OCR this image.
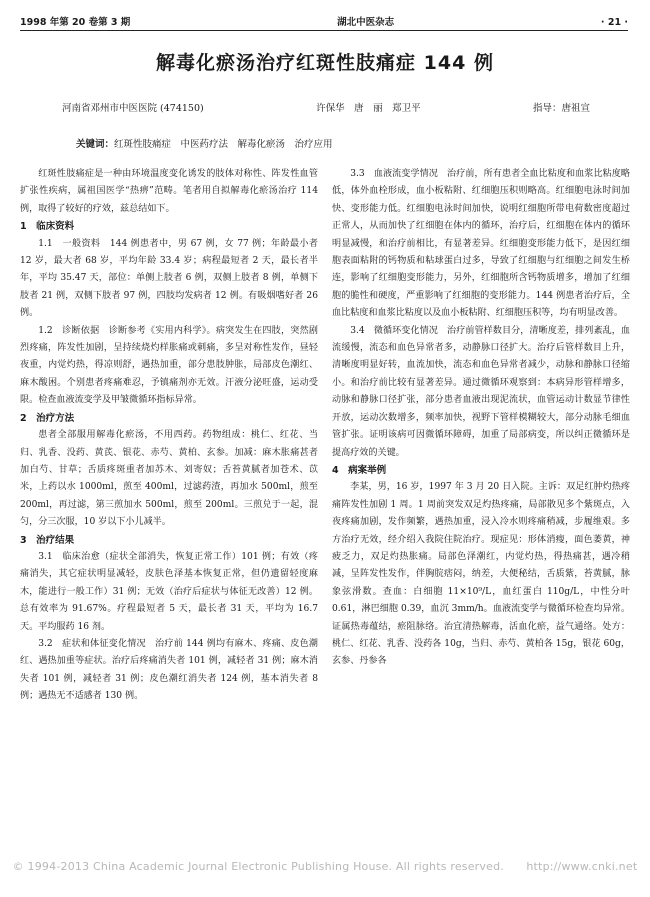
1998 年第 20 卷第 3 期	湖北中医杂志	· 21 ·
解毒化瘀汤治疗红斑性肢痛症 144 例
河南省邓州市中医医院 (474150)	许保华　唐　丽　郑卫平	指导：唐祖宣
关键词：红斑性肢痛症　中医药疗法　解毒化瘀汤　治疗应用

红斑性肢痛症是一种由环境温度变化诱发的肢体对称性、阵发性血管扩张性疾病，属祖国医学“热痹”范畴。笔者用自拟解毒化瘀汤治疗 114 例，取得了较好的疗效，兹总结如下。

1　临床资料

1.1　一般资料　144 例患者中，男 67 例，女 77 例；年龄最小者 12 岁，最大者 68 岁，平均年龄 33.4 岁；病程最短者 2 天，最长者半年，平均 35.47 天，部位：单侧上肢者 6 例，双侧上肢者 8 例，单侧下肢者 21 例，双侧下肢者 97 例，四肢均发病者 12 例。有吸烟嗜好者 26 例。

1.2　诊断依据　诊断参考《实用内科学》。病突发生在四肢，突然剧烈疼痛，阵发性加剧，呈持续烧灼样胀痛或刺痛，多呈对称性发作，昼轻夜重，内觉灼热，得凉则舒，遇热加重，部分患肢肿胀，局部皮色潮红、麻木酸困。个别患者疼痛难忍，予镇痛剂亦无效。汗液分泌旺盛，运动受限。检查血液流变学及甲皱微循环指标异常。

2　治疗方法

患者全部服用解毒化瘀汤，不用西药。药物组成：桃仁、红花、当归、乳香、没药、黄芪、银花、赤芍、黄柏、玄参。加减：麻木胀痛甚者加白芍、甘草；舌质疼斑重者加苏木、刘寄奴；舌苔黄腻者加苍术、苡米，上药以水 1000ml，煎至 400ml，过滤药渣，再加水 500ml，煎至 200ml，再过滤，第三煎加水 500ml，煎至 200ml。三煎兑于一起，混匀，分三次服，10 岁以下小儿减半。

3　治疗结果

3.1　临床治愈（症状全部消失，恢复正常工作）101 例；有效（疼痛消失，其它症状明显减轻，皮肤色泽基本恢复正常，但仍遗留轻度麻木，能进行一般工作）31 例；无效（治疗后症状与体征无改善）12 例。总有效率为 91.67%。疗程最短者 5 天，最长者 31 天，平均为 16.7 天。平均服药 16 剂。

3.2　症状和体征变化情况　治疗前 144 例均有麻木、疼痛、皮色潮红、遇热加重等症状。治疗后疼痛消失者 101 例，减轻者 31 例；麻木消失者 101 例，减轻者 31 例；皮色潮红消失者 124 例，基本消失者 8 例；遇热无不适感者 130 例。

3.3　血液流变学情况　治疗前，所有患者全血比粘度和血浆比粘度略低，体外血栓形成，血小板粘附、红细胞压积则略高。红细胞电泳时间加快、变形能力低。红细胞电泳时间加快，说明红细胞所带电荷数密度超过正常人，从而加快了红细胞在体内的循环，治疗后，红细胞在体内的循环明显减慢，和治疗前相比，有显著差异。红细胞变形能力低下，是因红细胞表面粘附的钙物质和粘球蛋白过多，导致了红细胞与红细胞之间发生桥连，影响了红细胞变形能力，另外，红细胞所含钙物质增多，增加了红细胞的脆性和硬度，严重影响了红细胞的变形能力。144 例患者治疗后，全血比粘度和血浆比粘度以及血小板粘附、红细胞压积等，均有明显改善。

3.4　微循环变化情况　治疗前管样数目分，清晰度差，排列紊乱，血流缓慢，流态和血色异常者多，动静脉口径扩大。治疗后管样数目上升，清晰度明显好转，血流加快，流态和血色异常者减少，动脉和静脉口径缩小。和治疗前比较有显著差异。通过微循环观察到：本病异形管样增多，动脉和静脉口径扩张，部分患者血液出现泥流状，血管运动计数显节律性开放，运动次数增多，频率加快，视野下管样模糊较大，部分动脉毛细血管扩张。证明该病可因微循环障碍，加重了局部病变，所以纠正微循环是提高疗效的关键。

4　病案举例

李某，男，16 岁，1997 年 3 月 20 日入院。主诉：双足红肿灼热疼痛阵发性加剧 1 周。1 周前突发双足灼热疼痛，局部散见多个紫斑点，入夜疼痛加剧，发作频繁，遇热加重，浸入冷水则疼痛稍减，步履维艰。多方治疗无效，经介绍入我院住院治疗。现症见：形体消瘦，面色萎黄，神疲乏力，双足灼热胀痛。局部色泽潮红，内觉灼热，得热痛甚，遇冷稍减，呈阵发性发作，伴胸脘痞闷，纳差，大便秘结，舌质紫，苔黄腻，脉象弦滑数。查血：白细胞 11×10⁹/L，血红蛋白 110g/L，中性分叶 0.61，淋巴细胞 0.39，血沉 3mm/h。血液流变学与微循环检查均异常。证属热毒蕴结，瘀阻脉络。治宜清热解毒，活血化瘀，益气通络。处方：桃仁、红花、乳香、没药各 10g，当归、赤芍、黄柏各 15g，银花 60g，玄参、丹参各

© 1994-2013 China Academic Journal Electronic Publishing House. All rights reserved.　　http://www.cnki.net
